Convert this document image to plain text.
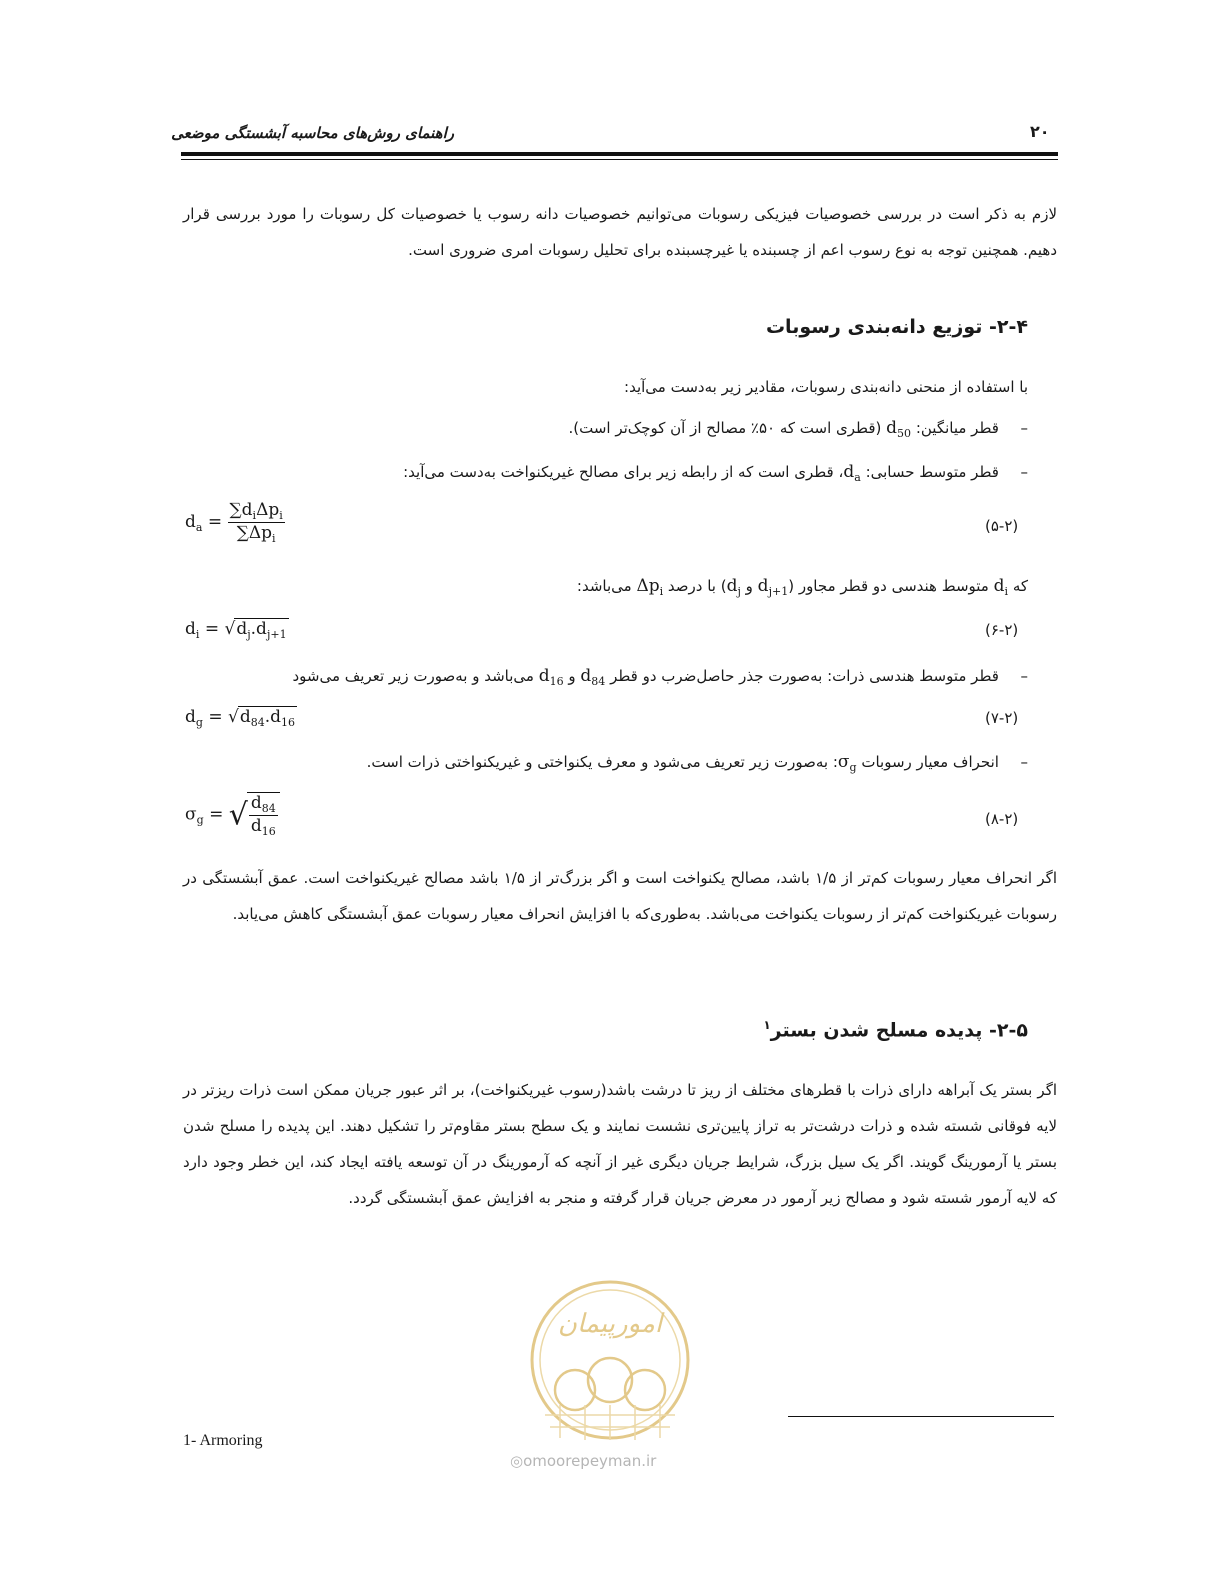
۲۰
راهنمای روش‌های محاسبه آبشستگی موضعی
لازم به ذکر است در بررسی خصوصیات فیزیکی رسوبات می‌توانیم خصوصیات دانه رسوب یا خصوصیات کل رسوبات را مورد بررسی قرار دهیم. همچنین توجه به نوع رسوب اعم از چسبنده یا غیرچسبنده برای تحلیل رسوبات امری ضروری است.
۲-۴- توزیع دانه‌بندی رسوبات
با استفاده از منحنی دانه‌بندی رسوبات، مقادیر زیر به‌دست می‌آید:
–  قطر میانگین: $d_{50}$ (قطری است که ۵۰٪ مصالح از آن کوچک‌تر است).
–  قطر متوسط حسابی: $d_a،$ قطری است که از رابطه زیر برای مصالح غیریکنواخت به‌دست می‌آید:
$d_a = \frac{\sum d_i\Delta p_i}{\sum\Delta p_i}$	(۵-۲)
که $d_i$ متوسط هندسی دو قطر مجاور ($d_{j+1}$ و $d_j$) با درصد $\Delta p_i$ می‌باشد:
$d_i = √d_j.d_{j+1}$	(۶-۲)
–  قطر متوسط هندسی ذرات: به‌صورت جذر حاصل‌ضرب دو قطر $d_{84}$ و $d_{16}$ می‌باشد و به‌صورت زیر تعریف می‌شود
$d_g = √d_{84}.d_{16}$	(۷-۲)
–  انحراف معیار رسوبات $\sigma_g$: به‌صورت زیر تعریف می‌شود و معرف یکنواختی و غیریکنواختی ذرات است.
$\sigma_g$ = √ $\frac{d_{84}}{d_{16}}$	(۸-۲)
اگر انحراف معیار رسوبات کم‌تر از ۱/۵ باشد، مصالح یکنواخت است و اگر بزرگ‌تر از ۱/۵ باشد مصالح غیریکنواخت است. عمق آبشستگی در رسوبات غیریکنواخت کم‌تر از رسوبات یکنواخت می‌باشد. به‌طوری‌که با افزایش انحراف معیار رسوبات عمق آبشستگی کاهش می‌یابد.
۲-۵- پدیده مسلح شدن بستر$^۱$
اگر بستر یک آبراهه دارای ذرات با قطرهای مختلف از ریز تا درشت باشد(رسوب غیریکنواخت)، بر اثر عبور جریان ممکن است ذرات ریزتر در لایه فوقانی شسته شده و ذرات درشت‌تر به تراز پایین‌تری نشست نمایند و یک سطح بستر مقاوم‌تر را تشکیل دهند. این پدیده را مسلح شدن بستر یا آرمورینگ گویند. اگر یک سیل بزرگ، شرایط جریان دیگری غیر از آنچه که آرمورینگ در آن توسعه یافته ایجاد کند، این خطر وجود دارد که لایه آرمور شسته شود و مصالح زیر آرمور در معرض جریان قرار گرفته و منجر به افزایش عمق آبشستگی گردد.
امورپیمان
1- Armoring
◎omoorepeyman.ir
